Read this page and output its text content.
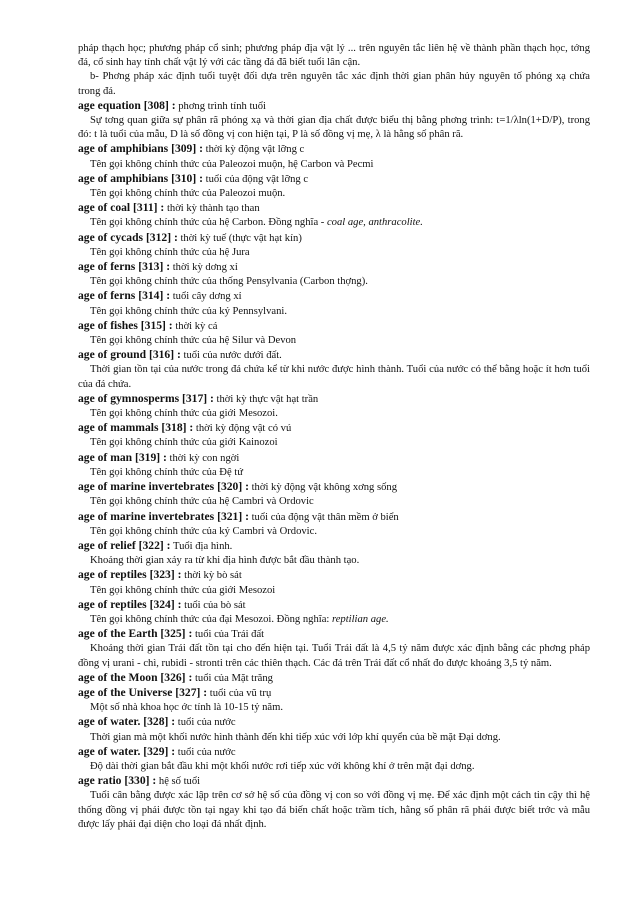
pháp thạch học; phương pháp cổ sinh; phương pháp địa vật lý ... trên nguyên tắc liên hệ về thành phần thạch học, tớng đá, cổ sinh hay tính chất vật lý với các tầng đá đã biết tuổi lân cận.

b- Phơng pháp xác định tuổi tuyệt đối dựa trên nguyên tắc xác định thời gian phân hủy nguyên tố phóng xạ chứa trong đá.

age equation [308] : phơng trình tính tuổi

Sự tơng quan giữa sự phân rã phóng xạ và thời gian địa chất được biểu thị bằng phơng trình: t=1/λln(1+D/P), trong đó: t là tuổi của mẫu, D là số đồng vị con hiện tại, P là số đồng vị mẹ, λ là hằng số phân rã.

age of amphibians [309] : thời kỳ động vật lỡng c

Tên gọi không chính thức của Paleozoi muộn, hệ Carbon và Pecmi

age of amphibians [310] : tuổi của động vật lỡng c

Tên gọi không chính thức của Paleozoi muộn.

age of coal [311] : thời kỳ thành tạo than

Tên gọi không chính thức của hệ Carbon. Đồng nghĩa - coal age, anthracolite.

age of cycads [312] : thời kỳ tuế (thực vật hạt kín)

Tên gọi không chính thức của hệ Jura

age of ferns [313] : thời kỳ dơng xỉ

Tên gọi không chính thức của thống Pensylvania (Carbon thợng).

age of ferns [314] : tuổi cây dơng xỉ

Tên gọi không chính thức của kỷ Pennsylvani.

age of fishes [315] : thời kỳ cá

Tên gọi không chính thức của hệ Silur và Devon

age of ground [316] : tuổi của nước dưới đất.

Thời gian tồn tại của nước trong đá chứa kể từ khi nước được hình thành. Tuổi của nước có thể bằng hoặc ít hơn tuổi của đá chứa.

age of gymnosperms [317] : thời kỳ thực vật hạt trần

Tên gọi không chính thức của giới Mesozoi.

age of mammals [318] : thời kỳ động vật có vú

Tên gọi không chính thức của giới Kainozoi

age of man [319] : thời kỳ con ngời

Tên gọi không chính thức của Đệ tứ

age of marine invertebrates [320] : thời kỳ động vật không xơng sống

Tên gọi không chính thức của hệ Cambri và Ordovic

age of marine invertebrates [321] : tuổi của động vật thân mềm ở biển

Tên gọi không chính thức của kỷ Cambri và Ordovic.

age of relief [322] : Tuổi địa hình.

Khoảng thời gian xảy ra từ khi địa hình được bắt đầu thành tạo.

age of reptiles [323] : thời kỳ bò sát

Tên gọi không chính thức của giới Mesozoi

age of reptiles [324] : tuổi của bò sát

Tên gọi không chính thức của đại Mesozoi. Đồng nghĩa: reptilian age.

age of the Earth [325] : tuổi của Trái đất

Khoảng thời gian Trái đất tồn tại cho đến hiện tại. Tuổi Trái đất là 4,5 tỷ năm được xác định bằng các phơng pháp đồng vị urani - chì, rubidi - stronti trên các thiên thạch. Các đá trên Trái đất cổ nhất đo được khoảng 3,5 tỷ năm.

age of the Moon [326] : tuổi của Mặt trăng

age of the Universe [327] : tuổi của vũ trụ

Một số nhà khoa học ớc tính là 10-15 tỷ năm.

age of water. [328] : tuổi của nước

Thời gian mà một khối nước hình thành đến khi tiếp xúc với lớp khí quyển của bề mặt Đại dơng.

age of water. [329] : tuổi của nước

Độ dài thời gian bắt đầu khi một khối nước rơi tiếp xúc với không khí ở trên mặt đại dơng.

age ratio [330] : hệ số tuổi

Tuổi cân bằng được xác lập trên cơ sở hệ số của đồng vị con so với đồng vị mẹ. Để xác định một cách tin cậy thì hệ thống đồng vị phải được tồn tại ngay khi tạo đá biến chất hoặc trầm tích, hằng số phân rã phải được biết trớc và mẫu được lấy phải đại diện cho loại đá nhất định.
